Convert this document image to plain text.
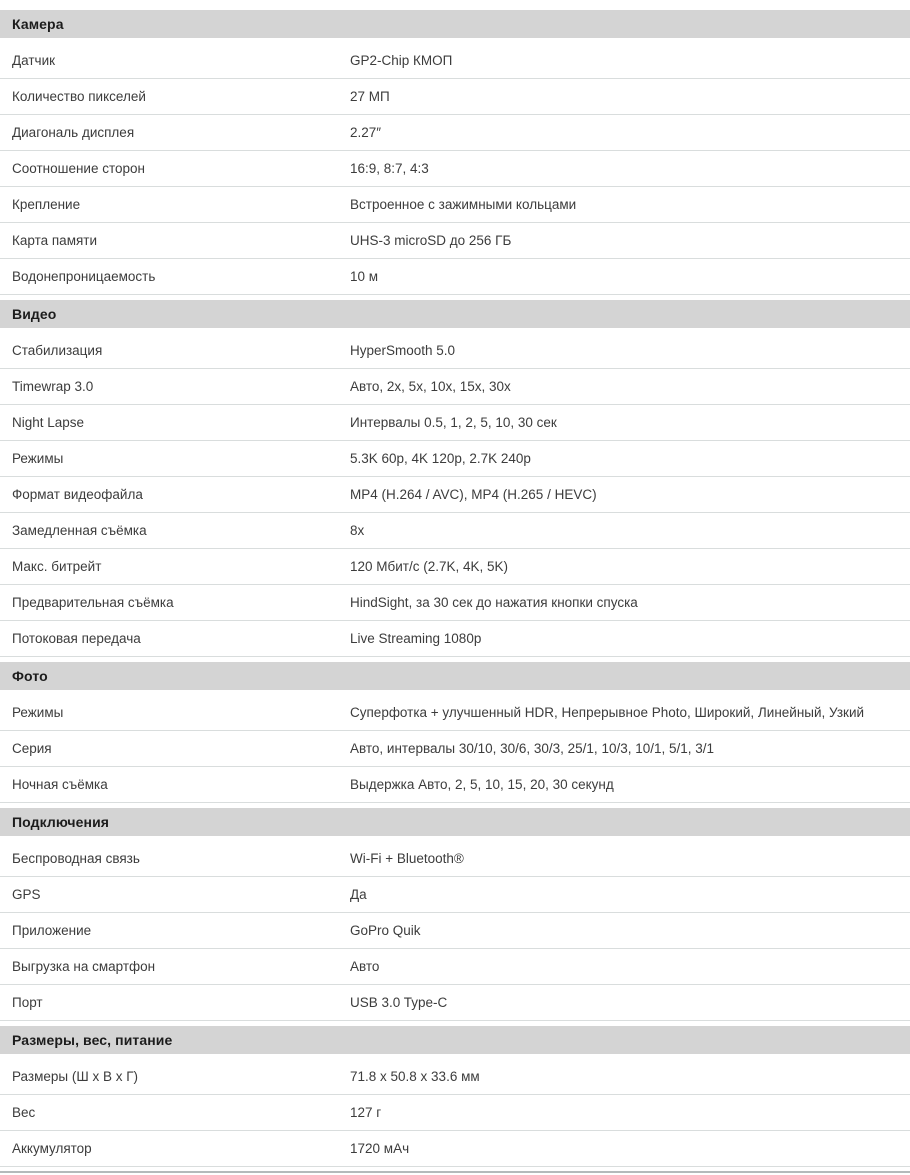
Камера
Датчик	GP2-Chip КМОП
Количество пикселей	27 МП
Диагональ дисплея	2.27″
Соотношение сторон	16:9, 8:7, 4:3
Крепление	Встроенное с зажимными кольцами
Карта памяти	UHS-3 microSD до 256 ГБ
Водонепроницаемость	10 м
Видео
Стабилизация	HyperSmooth 5.0
Timewrap 3.0	Авто, 2x, 5x, 10x, 15x, 30x
Night Lapse	Интервалы 0.5, 1, 2, 5, 10, 30 сек
Режимы	5.3K 60p, 4K 120p, 2.7K 240p
Формат видеофайла	MP4 (H.264 / AVC), MP4 (H.265 / HEVC)
Замедленная съёмка	8x
Макс. битрейт	120 Мбит/с (2.7K, 4K, 5K)
Предварительная съёмка	HindSight, за 30 сек до нажатия кнопки спуска
Потоковая передача	Live Streaming 1080p
Фото
Режимы	Суперфотка + улучшенный HDR, Непрерывное Photo, Широкий, Линейный, Узкий
Серия	Авто, интервалы 30/10, 30/6, 30/3, 25/1, 10/3, 10/1, 5/1, 3/1
Ночная съёмка	Выдержка Авто, 2, 5, 10, 15, 20, 30 секунд
Подключения
Беспроводная связь	Wi-Fi + Bluetooth®
GPS	Да
Приложение	GoPro Quik
Выгрузка на смартфон	Авто
Порт	USB 3.0 Type-C
Размеры, вес, питание
Размеры (Ш х В х Г)	71.8 x 50.8 x 33.6 мм
Вес	127 г
Аккумулятор	1720 мАч
